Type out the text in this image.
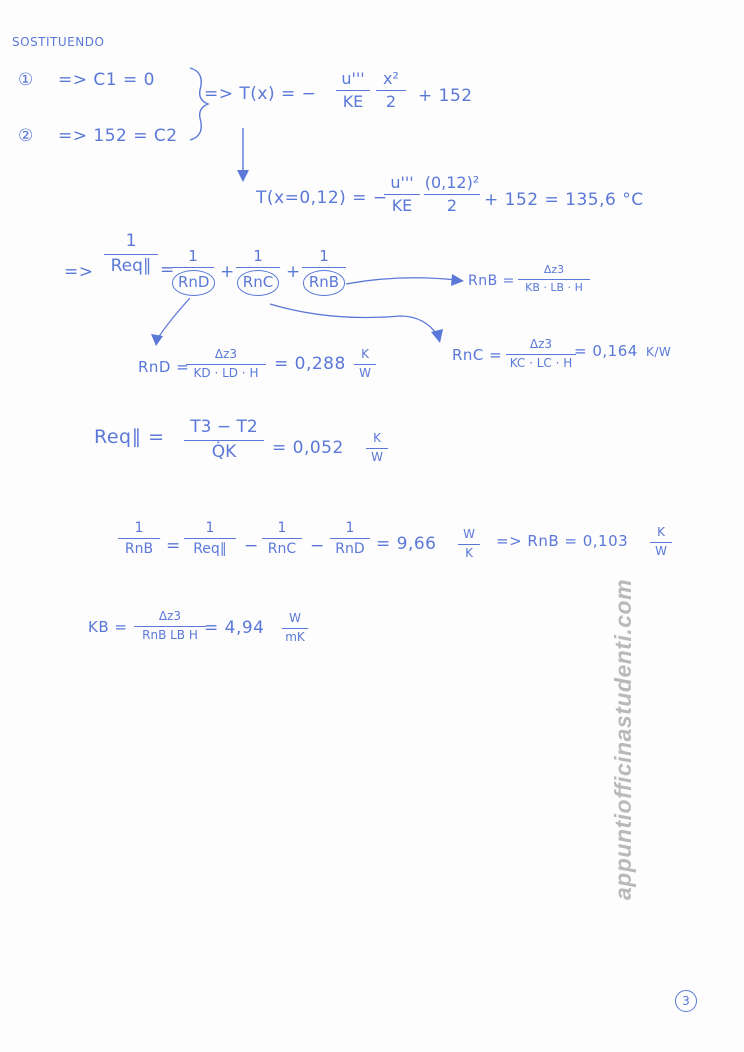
SOSTITUENDO
① => C1 = 0
② => 152 = C2
=> T(x) = −
u'''
KE
x²
2	+ 152
T(x=0,12) = −
u'''
KE
(0,12)²
2	+ 152 = 135,6 °C
=>
1
Req∥ =
1
RnD
+
1
RnC
+
1
RnB	RnB =
Δz3
KB · LB · H
RnD =
Δz3
KD · LD · H = 0,288	K
W
RnC =
Δz3
KC · LC · H
= 0,164 K/W
Req∥ =	T3 − T2
Q̇K	= 0,052	K
W
1
RnB =
1
Req∥	−
1
RnC −
1
RnD = 9,66	W
K
=> RnB = 0,103	K
W
KB =
Δz3
RnB LB H = 4,94	W
mK	appuntiofficinastudenti.com
3
